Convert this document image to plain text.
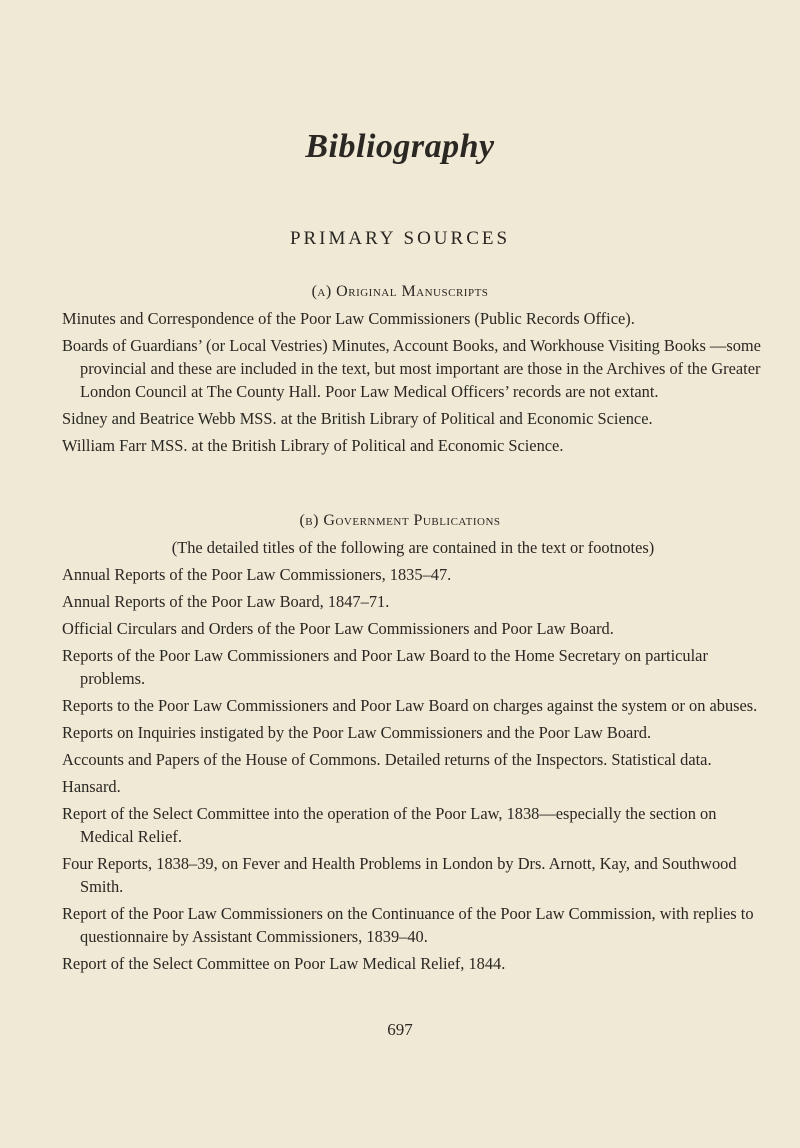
Bibliography
PRIMARY SOURCES
(a) Original Manuscripts
Minutes and Correspondence of the Poor Law Commissioners (Public Records Office).
Boards of Guardians’ (or Local Vestries) Minutes, Account Books, and Workhouse Visiting Books —some provincial and these are included in the text, but most important are those in the Archives of the Greater London Council at The County Hall. Poor Law Medical Officers’ records are not extant.
Sidney and Beatrice Webb MSS. at the British Library of Political and Economic Science.
William Farr MSS. at the British Library of Political and Economic Science.
(b) Government Publications
(The detailed titles of the following are contained in the text or footnotes)
Annual Reports of the Poor Law Commissioners, 1835–47.
Annual Reports of the Poor Law Board, 1847–71.
Official Circulars and Orders of the Poor Law Commissioners and Poor Law Board.
Reports of the Poor Law Commissioners and Poor Law Board to the Home Secretary on particular problems.
Reports to the Poor Law Commissioners and Poor Law Board on charges against the system or on abuses.
Reports on Inquiries instigated by the Poor Law Commissioners and the Poor Law Board.
Accounts and Papers of the House of Commons. Detailed returns of the Inspectors. Statistical data.
Hansard.
Report of the Select Committee into the operation of the Poor Law, 1838—especially the section on Medical Relief.
Four Reports, 1838–39, on Fever and Health Problems in London by Drs. Arnott, Kay, and Southwood Smith.
Report of the Poor Law Commissioners on the Continuance of the Poor Law Commission, with replies to questionnaire by Assistant Commissioners, 1839–40.
Report of the Select Committee on Poor Law Medical Relief, 1844.
697
